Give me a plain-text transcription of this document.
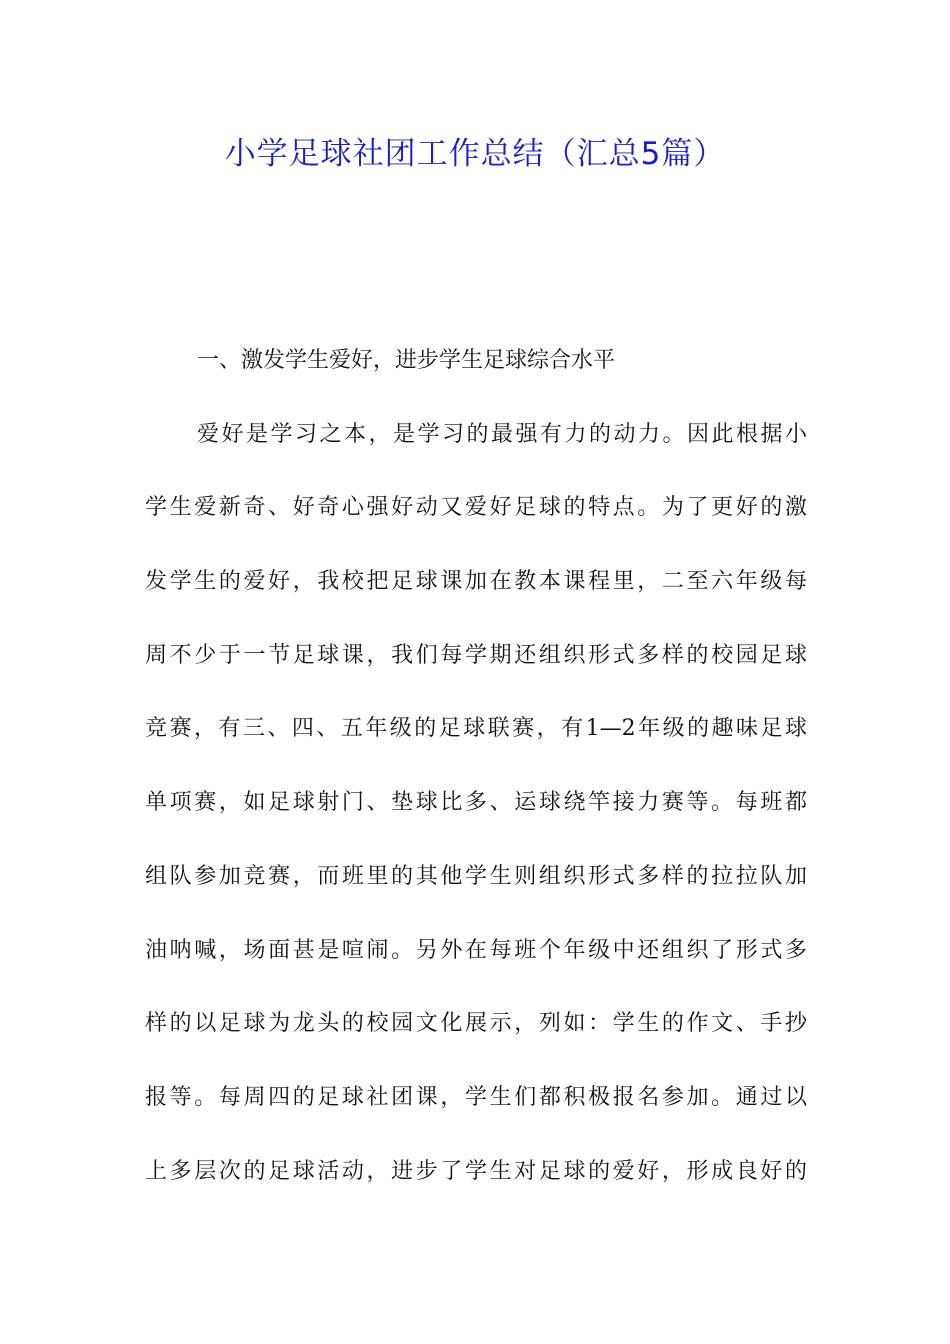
小学足球社团工作总结（汇总5篇）
一、激发学生爱好，进步学生足球综合水平
爱好是学习之本，是学习的最强有力的动力。因此根据小
学生爱新奇、好奇心强好动又爱好足球的特点。为了更好的激
发学生的爱好，我校把足球课加在教本课程里，二至六年级每
周不少于一节足球课，我们每学期还组织形式多样的校园足球
竞赛，有三、四、五年级的足球联赛，有1—2年级的趣味足球
单项赛，如足球射门、垫球比多、运球绕竿接力赛等。每班都
组队参加竞赛，而班里的其他学生则组织形式多样的拉拉队加
油呐喊，场面甚是喧闹。另外在每班个年级中还组织了形式多
样的以足球为龙头的校园文化展示，列如：学生的作文、手抄
报等。每周四的足球社团课，学生们都积极报名参加。通过以
上多层次的足球活动，进步了学生对足球的爱好，形成良好的
